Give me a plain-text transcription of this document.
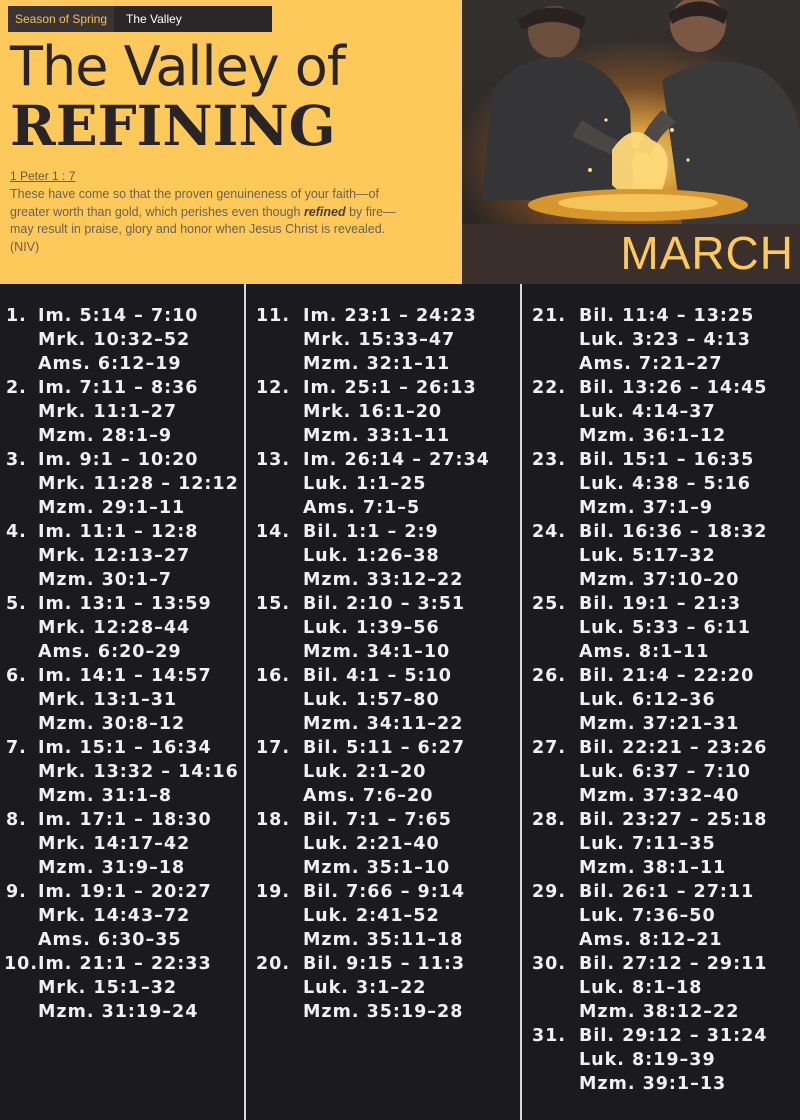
Season of Spring	The Valley
The Valley of
REFINING
1 Peter 1 : 7
These have come so that the proven genuineness of your faith—of greater worth than gold, which perishes even though refined by fire—may result in praise, glory and honor when Jesus Christ is revealed. (NIV)	MARCH
1. Im. 5:14 – 7:10
Mrk. 10:32–52
Ams. 6:12–19
2. Im. 7:11 – 8:36
Mrk. 11:1–27
Mzm. 28:1–9
3. Im. 9:1 – 10:20
Mrk. 11:28 – 12:12
Mzm. 29:1–11
4. Im. 11:1 – 12:8
Mrk. 12:13–27
Mzm. 30:1–7
5. Im. 13:1 – 13:59
Mrk. 12:28–44
Ams. 6:20–29
6. Im. 14:1 – 14:57
Mrk. 13:1–31
Mzm. 30:8–12
7. Im. 15:1 – 16:34
Mrk. 13:32 – 14:16
Mzm. 31:1–8
8. Im. 17:1 – 18:30
Mrk. 14:17–42
Mzm. 31:9–18
9. Im. 19:1 – 20:27
Mrk. 14:43–72
Ams. 6:30–35
10. Im. 21:1 – 22:33
Mrk. 15:1–32
Mzm. 31:19–24
11. Im. 23:1 – 24:23
Mrk. 15:33–47
Mzm. 32:1–11
12. Im. 25:1 – 26:13
Mrk. 16:1–20
Mzm. 33:1–11
13. Im. 26:14 – 27:34
Luk. 1:1–25
Ams. 7:1–5
14. Bil. 1:1 – 2:9
Luk. 1:26–38
Mzm. 33:12–22
15. Bil. 2:10 – 3:51
Luk. 1:39–56
Mzm. 34:1–10
16. Bil. 4:1 – 5:10
Luk. 1:57–80
Mzm. 34:11–22
17. Bil. 5:11 – 6:27
Luk. 2:1–20
Ams. 7:6–20
18. Bil. 7:1 – 7:65
Luk. 2:21–40
Mzm. 35:1–10
19. Bil. 7:66 – 9:14
Luk. 2:41–52
Mzm. 35:11–18
20. Bil. 9:15 – 11:3
Luk. 3:1–22
Mzm. 35:19–28
21. Bil. 11:4 – 13:25
Luk. 3:23 – 4:13
Ams. 7:21–27
22. Bil. 13:26 – 14:45
Luk. 4:14–37
Mzm. 36:1–12
23. Bil. 15:1 – 16:35
Luk. 4:38 – 5:16
Mzm. 37:1–9
24. Bil. 16:36 – 18:32
Luk. 5:17–32
Mzm. 37:10–20
25. Bil. 19:1 – 21:3
Luk. 5:33 – 6:11
Ams. 8:1–11
26. Bil. 21:4 – 22:20
Luk. 6:12–36
Mzm. 37:21–31
27. Bil. 22:21 – 23:26
Luk. 6:37 – 7:10
Mzm. 37:32–40
28. Bil. 23:27 – 25:18
Luk. 7:11–35
Mzm. 38:1–11
29. Bil. 26:1 – 27:11
Luk. 7:36–50
Ams. 8:12–21
30. Bil. 27:12 – 29:11
Luk. 8:1–18
Mzm. 38:12–22
31. Bil. 29:12 – 31:24
Luk. 8:19–39
Mzm. 39:1–13
